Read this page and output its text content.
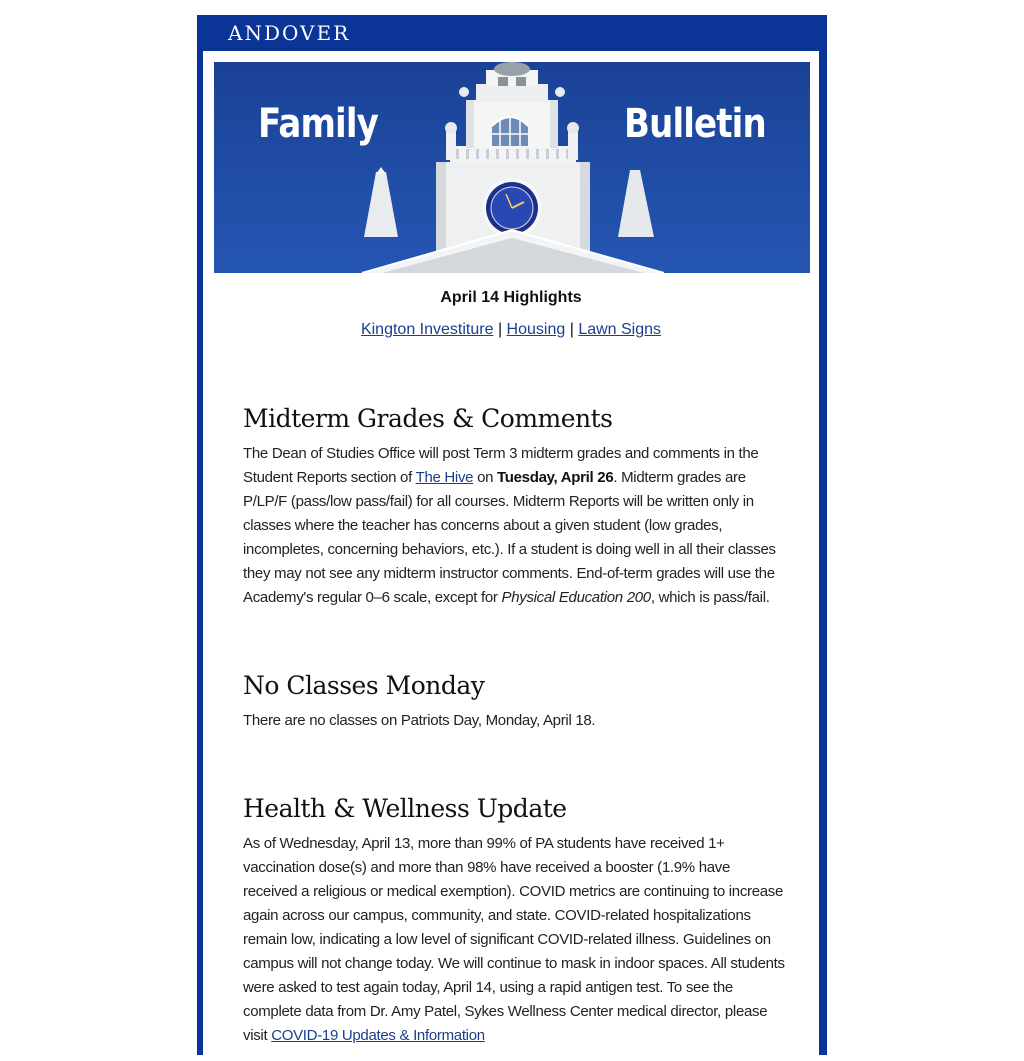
ANDOVER
Family	Bulletin
April 14 Highlights
Kington Investiture | Housing | Lawn Signs
Midterm Grades & Comments

The Dean of Studies Office will post Term 3 midterm grades and comments in the Student Reports section of The Hive on Tuesday, April 26. Midterm grades are P/LP/F (pass/low pass/fail) for all courses. Midterm Reports will be written only in classes where the teacher has concerns about a given student (low grades, incompletes, concerning behaviors, etc.). If a student is doing well in all their classes they may not see any midterm instructor comments. End-of-term grades will use the Academy's regular 0–6 scale, except for Physical Education 200, which is pass/fail.

No Classes Monday

There are no classes on Patriots Day, Monday, April 18.

Health & Wellness Update

As of Wednesday, April 13, more than 99% of PA students have received 1+ vaccination dose(s) and more than 98% have received a booster (1.9% have received a religious or medical exemption). COVID metrics are continuing to increase again across our campus, community, and state. COVID-related hospitalizations remain low, indicating a low level of significant COVID-related illness. Guidelines on campus will not change today. We will continue to mask in indoor spaces. All students were asked to test again today, April 14, using a rapid antigen test. To see the complete data from Dr. Amy Patel, Sykes Wellness Center medical director, please visit COVID-19 Updates & Information
